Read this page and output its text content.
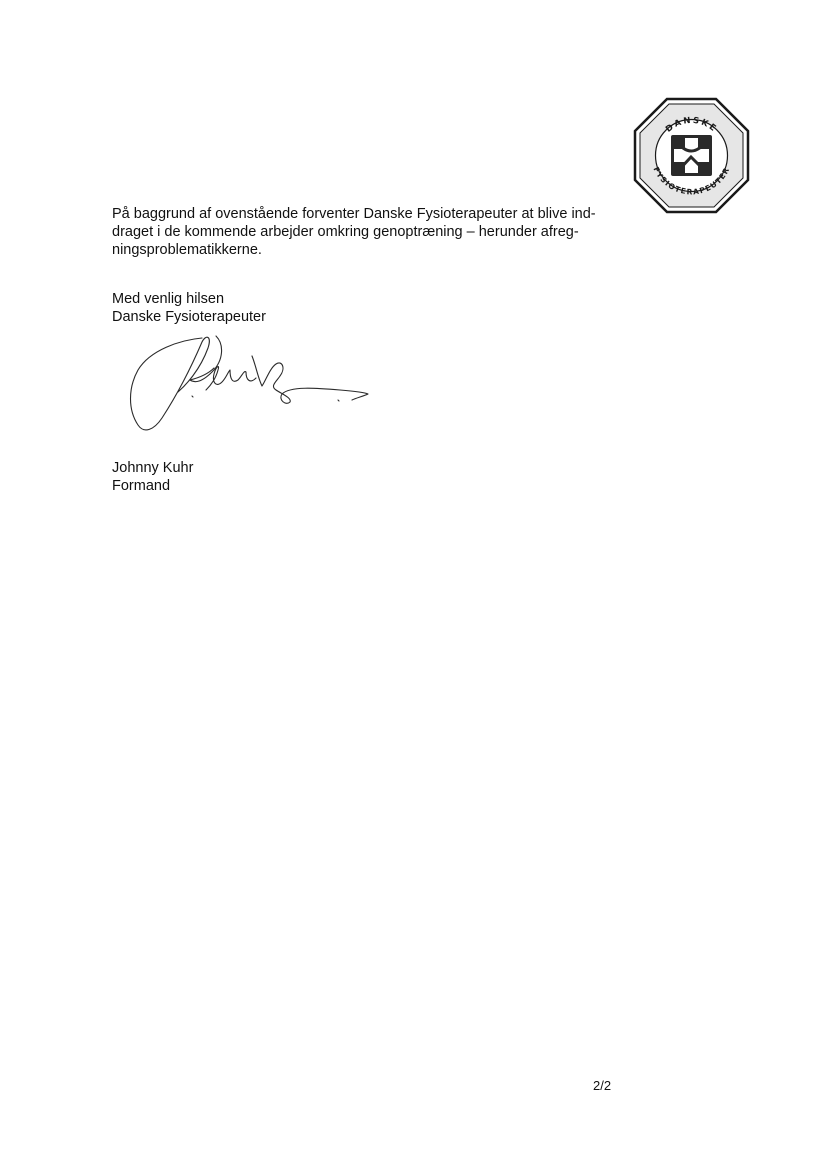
DANSKE
FYSIOTERAPEUTER

På baggrund af ovenstående forventer Danske Fysioterapeuter at blive ind-
draget i de kommende arbejder omkring genoptræning – herunder afreg-
ningsproblematikkerne.

Med venlig hilsen
Danske Fysioterapeuter

Johnny Kuhr
Formand

2/2
